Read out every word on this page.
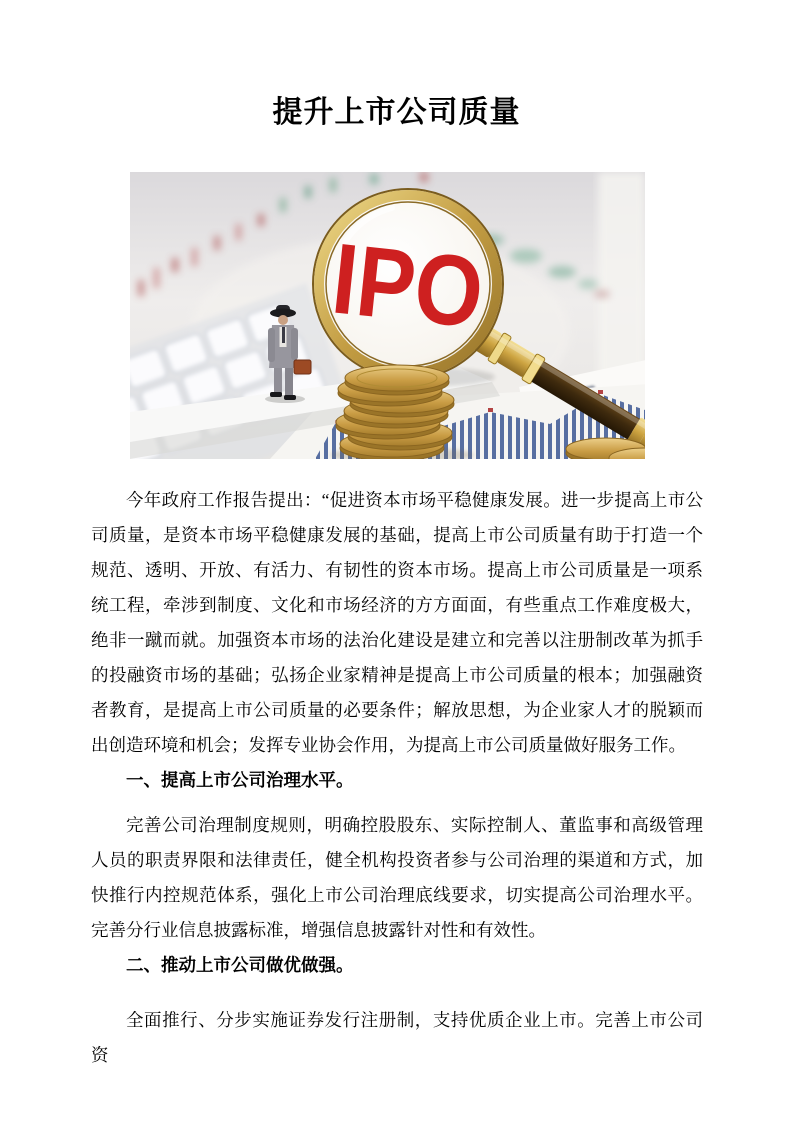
提升上市公司质量
IPO

今年政府工作报告提出：“促进资本市场平稳健康发展。进一步提高上市公司质量，是资本市场平稳健康发展的基础，提高上市公司质量有助于打造一个规范、透明、开放、有活力、有韧性的资本市场。提高上市公司质量是一项系统工程，牵涉到制度、文化和市场经济的方方面面，有些重点工作难度极大，绝非一蹴而就。加强资本市场的法治化建设是建立和完善以注册制改革为抓手的投融资市场的基础；弘扬企业家精神是提高上市公司质量的根本；加强融资者教育，是提高上市公司质量的必要条件；解放思想，为企业家人才的脱颖而出创造环境和机会；发挥专业协会作用，为提高上市公司质量做好服务工作。

一、提高上市公司治理水平。

完善公司治理制度规则，明确控股股东、实际控制人、董监事和高级管理人员的职责界限和法律责任，健全机构投资者参与公司治理的渠道和方式，加快推行内控规范体系，强化上市公司治理底线要求，切实提高公司治理水平。完善分行业信息披露标准，增强信息披露针对性和有效性。

二、推动上市公司做优做强。

全面推行、分步实施证券发行注册制，支持优质企业上市。完善上市公司资
